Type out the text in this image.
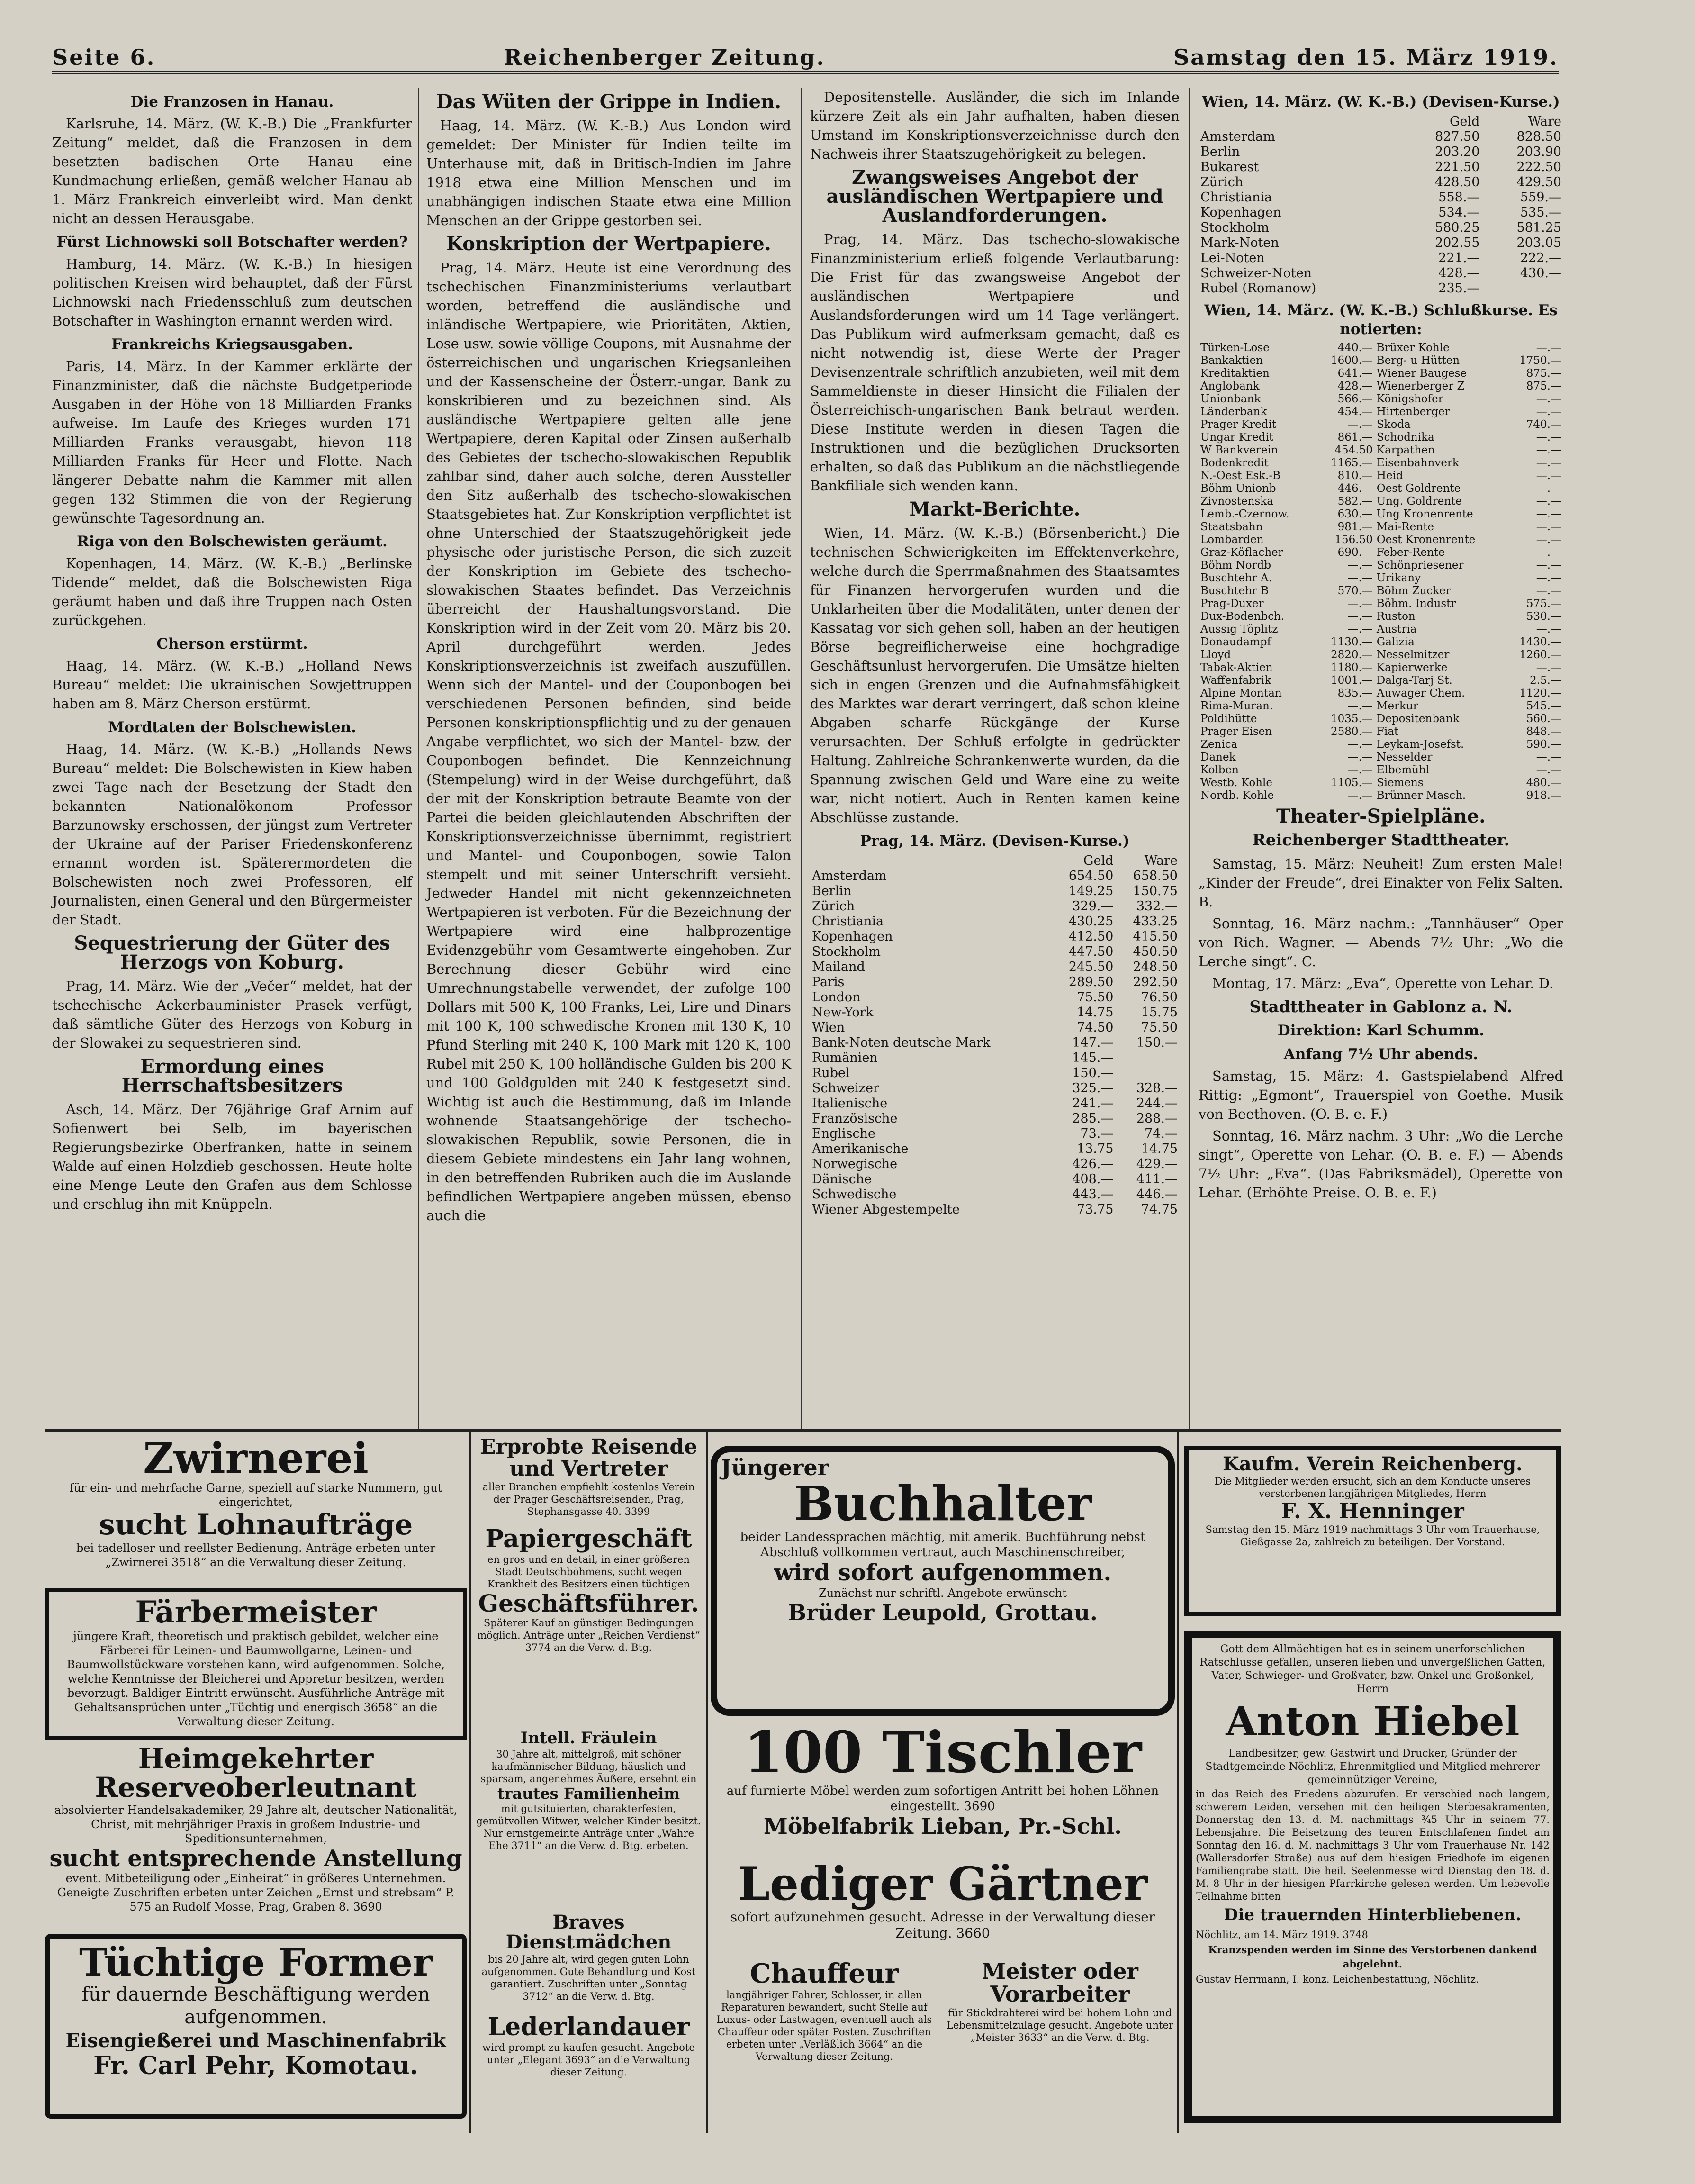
Seite 6.	Reichenberger Zeitung.	Samstag den 15. März 1919.
Die Franzosen in Hanau.

Karlsruhe, 14. März. (W. K.-B.) Die „Frankfurter Zeitung“ meldet, daß die Franzosen in dem besetzten badischen Orte Hanau eine Kundmachung erließen, gemäß welcher Hanau ab 1. März Frankreich einverleibt wird. Man denkt nicht an dessen Herausgabe.

Fürst Lichnowski soll Botschafter werden?

Hamburg, 14. März. (W. K.-B.) In hiesigen politischen Kreisen wird behauptet, daß der Fürst Lichnowski nach Friedensschluß zum deutschen Botschafter in Washington ernannt werden wird.

Frankreichs Kriegsausgaben.

Paris, 14. März. In der Kammer erklärte der Finanzminister, daß die nächste Budgetperiode Ausgaben in der Höhe von 18 Milliarden Franks aufweise. Im Laufe des Krieges wurden 171 Milliarden Franks verausgabt, hievon 118 Milliarden Franks für Heer und Flotte. Nach längerer Debatte nahm die Kammer mit allen gegen 132 Stimmen die von der Regierung gewünschte Tagesordnung an.

Riga von den Bolschewisten geräumt.

Kopenhagen, 14. März. (W. K.-B.) „Berlinske Tidende“ meldet, daß die Bolschewisten Riga geräumt haben und daß ihre Truppen nach Osten zurückgehen.

Cherson erstürmt.

Haag, 14. März. (W. K.-B.) „Holland News Bureau“ meldet: Die ukrainischen Sowjettruppen haben am 8. März Cherson erstürmt.

Mordtaten der Bolschewisten.

Haag, 14. März. (W. K.-B.) „Hollands News Bureau“ meldet: Die Bolschewisten in Kiew haben zwei Tage nach der Besetzung der Stadt den bekannten Nationalökonom Professor Barzunowsky erschossen, der jüngst zum Vertreter der Ukraine auf der Pariser Friedenskonferenz ernannt worden ist. Späterermordeten die Bolschewisten noch zwei Professoren, elf Journalisten, einen General und den Bürgermeister der Stadt.

Sequestrierung der Güter des Herzogs von Koburg.

Prag, 14. März. Wie der „Večer“ meldet, hat der tschechische Ackerbauminister Prasek verfügt, daß sämtliche Güter des Herzogs von Koburg in der Slowakei zu sequestrieren sind.

Ermordung eines Herrschaftsbesitzers

Asch, 14. März. Der 76jährige Graf Arnim auf Sofienwert bei Selb, im bayerischen Regierungsbezirke Oberfranken, hatte in seinem Walde auf einen Holzdieb geschossen. Heute holte eine Menge Leute den Grafen aus dem Schlosse und erschlug ihn mit Knüppeln.

Das Wüten der Grippe in Indien.

Haag, 14. März. (W. K.-B.) Aus London wird gemeldet: Der Minister für Indien teilte im Unterhause mit, daß in Britisch-Indien im Jahre 1918 etwa eine Million Menschen und im unabhängigen indischen Staate etwa eine Million Menschen an der Grippe gestorben sei.

Konskription der Wertpapiere.

Prag, 14. März. Heute ist eine Verordnung des tschechischen Finanzministeriums verlautbart worden, betreffend die ausländische und inländische Wertpapiere, wie Prioritäten, Aktien, Lose usw. sowie völlige Coupons, mit Ausnahme der österreichischen und ungarischen Kriegsanleihen und der Kassenscheine der Österr.-ungar. Bank zu konskribieren und zu bezeichnen sind. Als ausländische Wertpapiere gelten alle jene Wertpapiere, deren Kapital oder Zinsen außerhalb des Gebietes der tschecho-slowakischen Republik zahlbar sind, daher auch solche, deren Aussteller den Sitz außerhalb des tschecho-slowakischen Staatsgebietes hat. Zur Konskription verpflichtet ist ohne Unterschied der Staatszugehörigkeit jede physische oder juristische Person, die sich zuzeit der Konskription im Gebiete des tschecho-slowakischen Staates befindet. Das Verzeichnis überreicht der Haushaltungsvorstand. Die Konskription wird in der Zeit vom 20. März bis 20. April durchgeführt werden. Jedes Konskriptionsverzeichnis ist zweifach auszufüllen. Wenn sich der Mantel- und der Couponbogen bei verschiedenen Personen befinden, sind beide Personen konskriptionspflichtig und zu der genauen Angabe verpflichtet, wo sich der Mantel- bzw. der Couponbogen befindet. Die Kennzeichnung (Stempelung) wird in der Weise durchgeführt, daß der mit der Konskription betraute Beamte von der Partei die beiden gleichlautenden Abschriften der Konskriptionsverzeichnisse übernimmt, registriert und Mantel- und Couponbogen, sowie Talon stempelt und mit seiner Unterschrift versieht. Jedweder Handel mit nicht gekennzeichneten Wertpapieren ist verboten. Für die Bezeichnung der Wertpapiere wird eine halbprozentige Evidenzgebühr vom Gesamtwerte eingehoben. Zur Berechnung dieser Gebühr wird eine Umrechnungstabelle verwendet, der zufolge 100 Dollars mit 500 K, 100 Franks, Lei, Lire und Dinars mit 100 K, 100 schwedische Kronen mit 130 K, 10 Pfund Sterling mit 240 K, 100 Mark mit 120 K, 100 Rubel mit 250 K, 100 holländische Gulden bis 200 K und 100 Goldgulden mit 240 K festgesetzt sind. Wichtig ist auch die Bestimmung, daß im Inlande wohnende Staatsangehörige der tschecho-slowakischen Republik, sowie Personen, die in diesem Gebiete mindestens ein Jahr lang wohnen, in den betreffenden Rubriken auch die im Auslande befindlichen Wertpapiere angeben müssen, ebenso auch die

Depositenstelle. Ausländer, die sich im Inlande kürzere Zeit als ein Jahr aufhalten, haben diesen Umstand im Konskriptionsverzeichnisse durch den Nachweis ihrer Staatszugehörigkeit zu belegen.

Zwangsweises Angebot der ausländischen Wertpapiere und Auslandforderungen.

Prag, 14. März. Das tschecho-slowakische Finanzministerium erließ folgende Verlautbarung: Die Frist für das zwangsweise Angebot der ausländischen Wertpapiere und Auslandsforderungen wird um 14 Tage verlängert. Das Publikum wird aufmerksam gemacht, daß es nicht notwendig ist, diese Werte der Prager Devisenzentrale schriftlich anzubieten, weil mit dem Sammeldienste in dieser Hinsicht die Filialen der Österreichisch-ungarischen Bank betraut werden. Diese Institute werden in diesen Tagen die Instruktionen und die bezüglichen Drucksorten erhalten, so daß das Publikum an die nächstliegende Bankfiliale sich wenden kann.

Markt-Berichte.

Wien, 14. März. (W. K.-B.) (Börsenbericht.) Die technischen Schwierigkeiten im Effektenverkehre, welche durch die Sperrmaßnahmen des Staatsamtes für Finanzen hervorgerufen wurden und die Unklarheiten über die Modalitäten, unter denen der Kassatag vor sich gehen soll, haben an der heutigen Börse begreiflicherweise eine hochgradige Geschäftsunlust hervorgerufen. Die Umsätze hielten sich in engen Grenzen und die Aufnahmsfähigkeit des Marktes war derart verringert, daß schon kleine Abgaben scharfe Rückgänge der Kurse verursachten. Der Schluß erfolgte in gedrückter Haltung. Zahlreiche Schrankenwerte wurden, da die Spannung zwischen Geld und Ware eine zu weite war, nicht notiert. Auch in Renten kamen keine Abschlüsse zustande.

Prag, 14. März. (Devisen-Kurse.)
	Geld	Ware
Amsterdam	654.50	658.50
Berlin	149.25	150.75
Zürich	329.—	332.—
Christiania	430.25	433.25
Kopenhagen	412.50	415.50
Stockholm	447.50	450.50
Mailand	245.50	248.50
Paris	289.50	292.50
London	75.50	76.50
New-York	14.75	15.75
Wien	74.50	75.50
Bank-Noten deutsche Mark	147.—	150.—
Rumänien	145.—	
Rubel	150.—	
Schweizer	325.—	328.—
Italienische	241.—	244.—
Französische	285.—	288.—
Englische	73.—	74.—
Amerikanische	13.75	14.75
Norwegische	426.—	429.—
Dänische	408.—	411.—
Schwedische	443.—	446.—
Wiener Abgestempelte	73.75	74.75
Wien, 14. März. (W. K.-B.) (Devisen-Kurse.)
	Geld	Ware
Amsterdam	827.50	828.50
Berlin	203.20	203.90
Bukarest	221.50	222.50
Zürich	428.50	429.50
Christiania	558.—	559.—
Kopenhagen	534.—	535.—
Stockholm	580.25	581.25
Mark-Noten	202.55	203.05
Lei-Noten	221.—	222.—
Schweizer-Noten	428.—	430.—
Rubel (Romanow)	235.—	
Wien, 14. März. (W. K.-B.) Schlußkurse. Es notierten:
Türken-Lose	440.—	Brüxer Kohle	—.—
Bankaktien	1600.—	Berg- u Hütten	1750.—
Kreditaktien	641.—	Wiener Baugese	875.—
Anglobank	428.—	Wienerberger Z	875.—
Unionbank	566.—	Königshofer	—.—
Länderbank	454.—	Hirtenberger	—.—
Prager Kredit	—.—	Skoda	740.—
Ungar Kredit	861.—	Schodnika	—.—
W Bankverein	454.50	Karpathen	—.—
Bodenkredit	1165.—	Eisenbahnverk	—.—
N.-Oest Esk.-B	810.—	Heid	—.—
Böhm Unionb	446.—	Oest Goldrente	—.—
Zivnostenska	582.—	Ung. Goldrente	—.—
Lemb.-Czernow.	630.—	Ung Kronenrente	—.—
Staatsbahn	981.—	Mai-Rente	—.—
Lombarden	156.50	Oest Kronenrente	—.—
Graz-Köflacher	690.—	Feber-Rente	—.—
Böhm Nordb	—.—	Schönpriesener	—.—
Buschtehr A.	—.—	Urikany	—.—
Buschtehr B	570.—	Böhm Zucker	—.—
Prag-Duxer	—.—	Böhm. Industr	575.—
Dux-Bodenbch.	—.—	Ruston	530.—
Aussig Töplitz	—.—	Austria	—.—
Donaudampf	1130.—	Galizia	1430.—
Lloyd	2820.—	Nesselmitzer	1260.—
Tabak-Aktien	1180.—	Kapierwerke	—.—
Waffenfabrik	1001.—	Dalga-Tarj St.	2.5.—
Alpine Montan	835.—	Auwager Chem.	1120.—
Rima-Muran.	—.—	Merkur	545.—
Poldihütte	1035.—	Depositenbank	560.—
Prager Eisen	2580.—	Fiat	848.—
Zenica	—.—	Leykam-Josefst.	590.—
Danek	—.—	Nesselder	—.—
Kolben	—.—	Elbemühl	—.—
Westb. Kohle	1105.—	Siemens	480.—
Nordb. Kohle	—.—	Brünner Masch.	918.—
Theater-Spielpläne.
Reichenberger Stadttheater.

Samstag, 15. März: Neuheit! Zum ersten Male! „Kinder der Freude“, drei Einakter von Felix Salten. B.

Sonntag, 16. März nachm.: „Tannhäuser“ Oper von Rich. Wagner. — Abends 7½ Uhr: „Wo die Lerche singt“. C.

Montag, 17. März: „Eva“, Operette von Lehar. D.

Stadttheater in Gablonz a. N.
Direktion: Karl Schumm.
Anfang 7½ Uhr abends.

Samstag, 15. März: 4. Gastspielabend Alfred Rittig: „Egmont“, Trauerspiel von Goethe. Musik von Beethoven. (O. B. e. F.)

Sonntag, 16. März nachm. 3 Uhr: „Wo die Lerche singt“, Operette von Lehar. (O. B. e. F.) — Abends 7½ Uhr: „Eva“. (Das Fabriksmädel), Operette von Lehar. (Erhöhte Preise. O. B. e. F.)

Zwirnerei

für ein- und mehrfache Garne, speziell auf starke Nummern, gut eingerichtet,

sucht Lohnaufträge

bei tadelloser und reellster Bedienung. Anträge erbeten unter „Zwirnerei 3518“ an die Verwaltung dieser Zeitung.

Färbermeister

jüngere Kraft, theoretisch und praktisch gebildet, welcher eine Färberei für Leinen- und Baumwollgarne, Leinen- und Baumwollstückware vorstehen kann, wird aufgenommen. Solche, welche Kenntnisse der Bleicherei und Appretur besitzen, werden bevorzugt. Baldiger Eintritt erwünscht. Ausführliche Anträge mit Gehaltsansprüchen unter „Tüchtig und energisch 3658“ an die Verwaltung dieser Zeitung.

Heimgekehrter Reserveoberleutnant

absolvierter Handelsakademiker, 29 Jahre alt, deutscher Nationalität, Christ, mit mehrjähriger Praxis in großem Industrie- und Speditionsunternehmen,

sucht entsprechende Anstellung

event. Mitbeteiligung oder „Einheirat“ in größeres Unternehmen. Geneigte Zuschriften erbeten unter Zeichen „Ernst und strebsam“ P. 575 an Rudolf Mosse, Prag, Graben 8. 3690

Tüchtige Former

für dauernde Beschäftigung werden aufgenommen.

Eisengießerei und Maschinenfabrik

Fr. Carl Pehr, Komotau.
Erprobte Reisende und Vertreter

aller Branchen empfiehlt kostenlos Verein der Prager Geschäftsreisenden, Prag, Stephansgasse 40. 3399

Papiergeschäft

en gros und en detail, in einer größeren Stadt Deutschböhmens, sucht wegen Krankheit des Besitzers einen tüchtigen

Geschäftsführer.

Späterer Kauf an günstigen Bedingungen möglich. Anträge unter „Reichen Verdienst“ 3774 an die Verw. d. Btg.

Intell. Fräulein

30 Jahre alt, mittelgroß, mit schöner kaufmännischer Bildung, häuslich und sparsam, angenehmes Äußere, ersehnt ein

trautes Familienheim

mit gutsituierten, charakterfesten, gemütvollen Witwer, welcher Kinder besitzt. Nur ernstgemeinte Anträge unter „Wahre Ehe 3711“ an die Verw. d. Btg. erbeten.

Braves Dienstmädchen

bis 20 Jahre alt, wird gegen guten Lohn aufgenommen. Gute Behandlung und Kost garantiert. Zuschriften unter „Sonntag 3712“ an die Verw. d. Btg.

Lederlandauer

wird prompt zu kaufen gesucht. Angebote unter „Elegant 3693“ an die Verwaltung dieser Zeitung.

Jüngerer
Buchhalter

beider Landessprachen mächtig, mit amerik. Buchführung nebst Abschluß vollkommen vertraut, auch Maschinenschreiber,

wird sofort aufgenommen.

Zunächst nur schriftl. Angebote erwünscht

Brüder Leupold, Grottau.
100 Tischler

auf furnierte Möbel werden zum sofortigen Antritt bei hohen Löhnen eingestellt. 3690

Möbelfabrik Lieban, Pr.-Schl.
Lediger Gärtner

sofort aufzunehmen gesucht. Adresse in der Verwaltung dieser Zeitung. 3660

Chauffeur

langjähriger Fahrer, Schlosser, in allen Reparaturen bewandert, sucht Stelle auf Luxus- oder Lastwagen, eventuell auch als Chauffeur oder später Posten. Zuschriften erbeten unter „Verläßlich 3664“ an die Verwaltung dieser Zeitung.

Meister oder Vorarbeiter

für Stickdrahterei wird bei hohem Lohn und Lebensmittelzulage gesucht. Angebote unter „Meister 3633“ an die Verw. d. Btg.

Kaufm. Verein Reichenberg.

Die Mitglieder werden ersucht, sich an dem Konducte unseres verstorbenen langjährigen Mitgliedes, Herrn

F. X. Henninger

Samstag den 15. März 1919 nachmittags 3 Uhr vom Trauerhause, Gießgasse 2a, zahlreich zu beteiligen. Der Vorstand.

Gott dem Allmächtigen hat es in seinem unerforschlichen Ratschlusse gefallen, unseren lieben und unvergeßlichen Gatten, Vater, Schwieger- und Großvater, bzw. Onkel und Großonkel, Herrn

Anton Hiebel

Landbesitzer, gew. Gastwirt und Drucker, Gründer der Stadtgemeinde Nöchlitz, Ehrenmitglied und Mitglied mehrerer gemeinnütziger Vereine,

in das Reich des Friedens abzurufen. Er verschied nach langem, schwerem Leiden, versehen mit den heiligen Sterbesakramenten, Donnerstag den 13. d. M. nachmittags ¾5 Uhr in seinem 77. Lebensjahre. Die Beisetzung des teuren Entschlafenen findet am Sonntag den 16. d. M. nachmittags 3 Uhr vom Trauerhause Nr. 142 (Wallersdorfer Straße) aus auf dem hiesigen Friedhofe im eigenen Familiengrabe statt. Die heil. Seelenmesse wird Dienstag den 18. d. M. 8 Uhr in der hiesigen Pfarrkirche gelesen werden. Um liebevolle Teilnahme bitten

Die trauernden Hinterbliebenen.

Nöchlitz, am 14. März 1919. 3748

Kranzspenden werden im Sinne des Verstorbenen dankend abgelehnt.

Gustav Herrmann, I. konz. Leichenbestattung, Nöchlitz.
